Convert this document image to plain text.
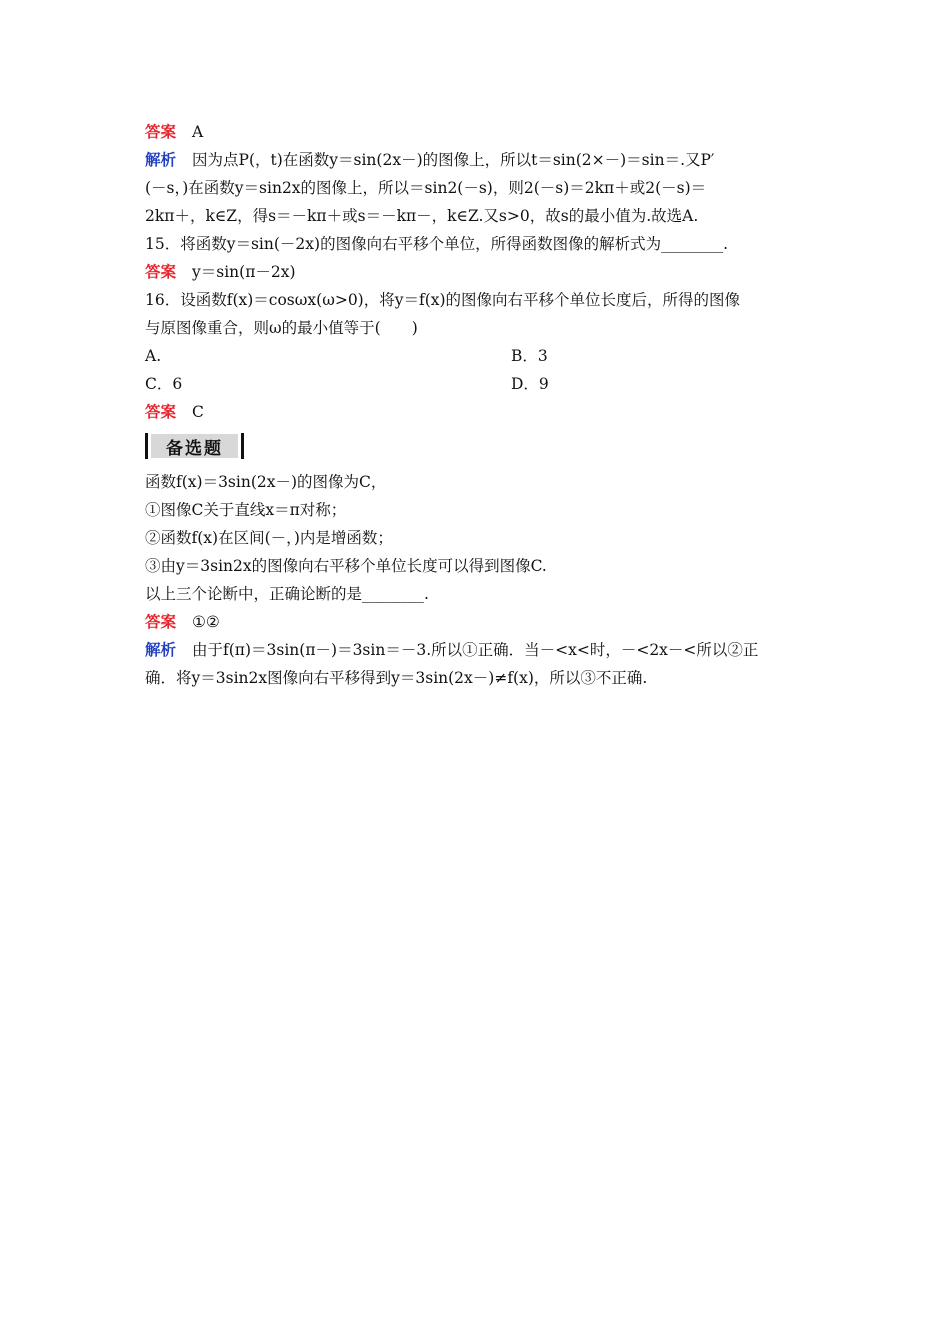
答案 A
解析 因为点P(，t)在函数y＝sin(2x－)的图像上，所以t＝sin(2×－)＝sin＝.又P′
(－s，)在函数y＝sin2x的图像上，所以＝sin2(－s)，则2(－s)＝2kπ＋或2(－s)＝
2kπ＋，k∈Z，得s＝－kπ＋或s＝－kπ－，k∈Z.又s>0，故s的最小值为.故选A.
15．将函数y＝sin(－2x)的图像向右平移个单位，所得函数图像的解析式为________.
答案 y＝sin(π－2x)
16．设函数f(x)＝cosωx(ω>0)，将y＝f(x)的图像向右平移个单位长度后，所得的图像
与原图像重合，则ω的最小值等于(　　)
A.	B．3
C．6	D．9
答案 C
备选题
函数f(x)＝3sin(2x－)的图像为C，
①图像C关于直线x＝π对称；
②函数f(x)在区间(－，)内是增函数；
③由y＝3sin2x的图像向右平移个单位长度可以得到图像C.
以上三个论断中，正确论断的是________.
答案 ①②
解析 由于f(π)＝3sin(π－)＝3sin＝－3.所以①正确．当－<x<时，－<2x－<所以②正
确．将y＝3sin2x图像向右平移得到y＝3sin(2x－)≠f(x)，所以③不正确.
